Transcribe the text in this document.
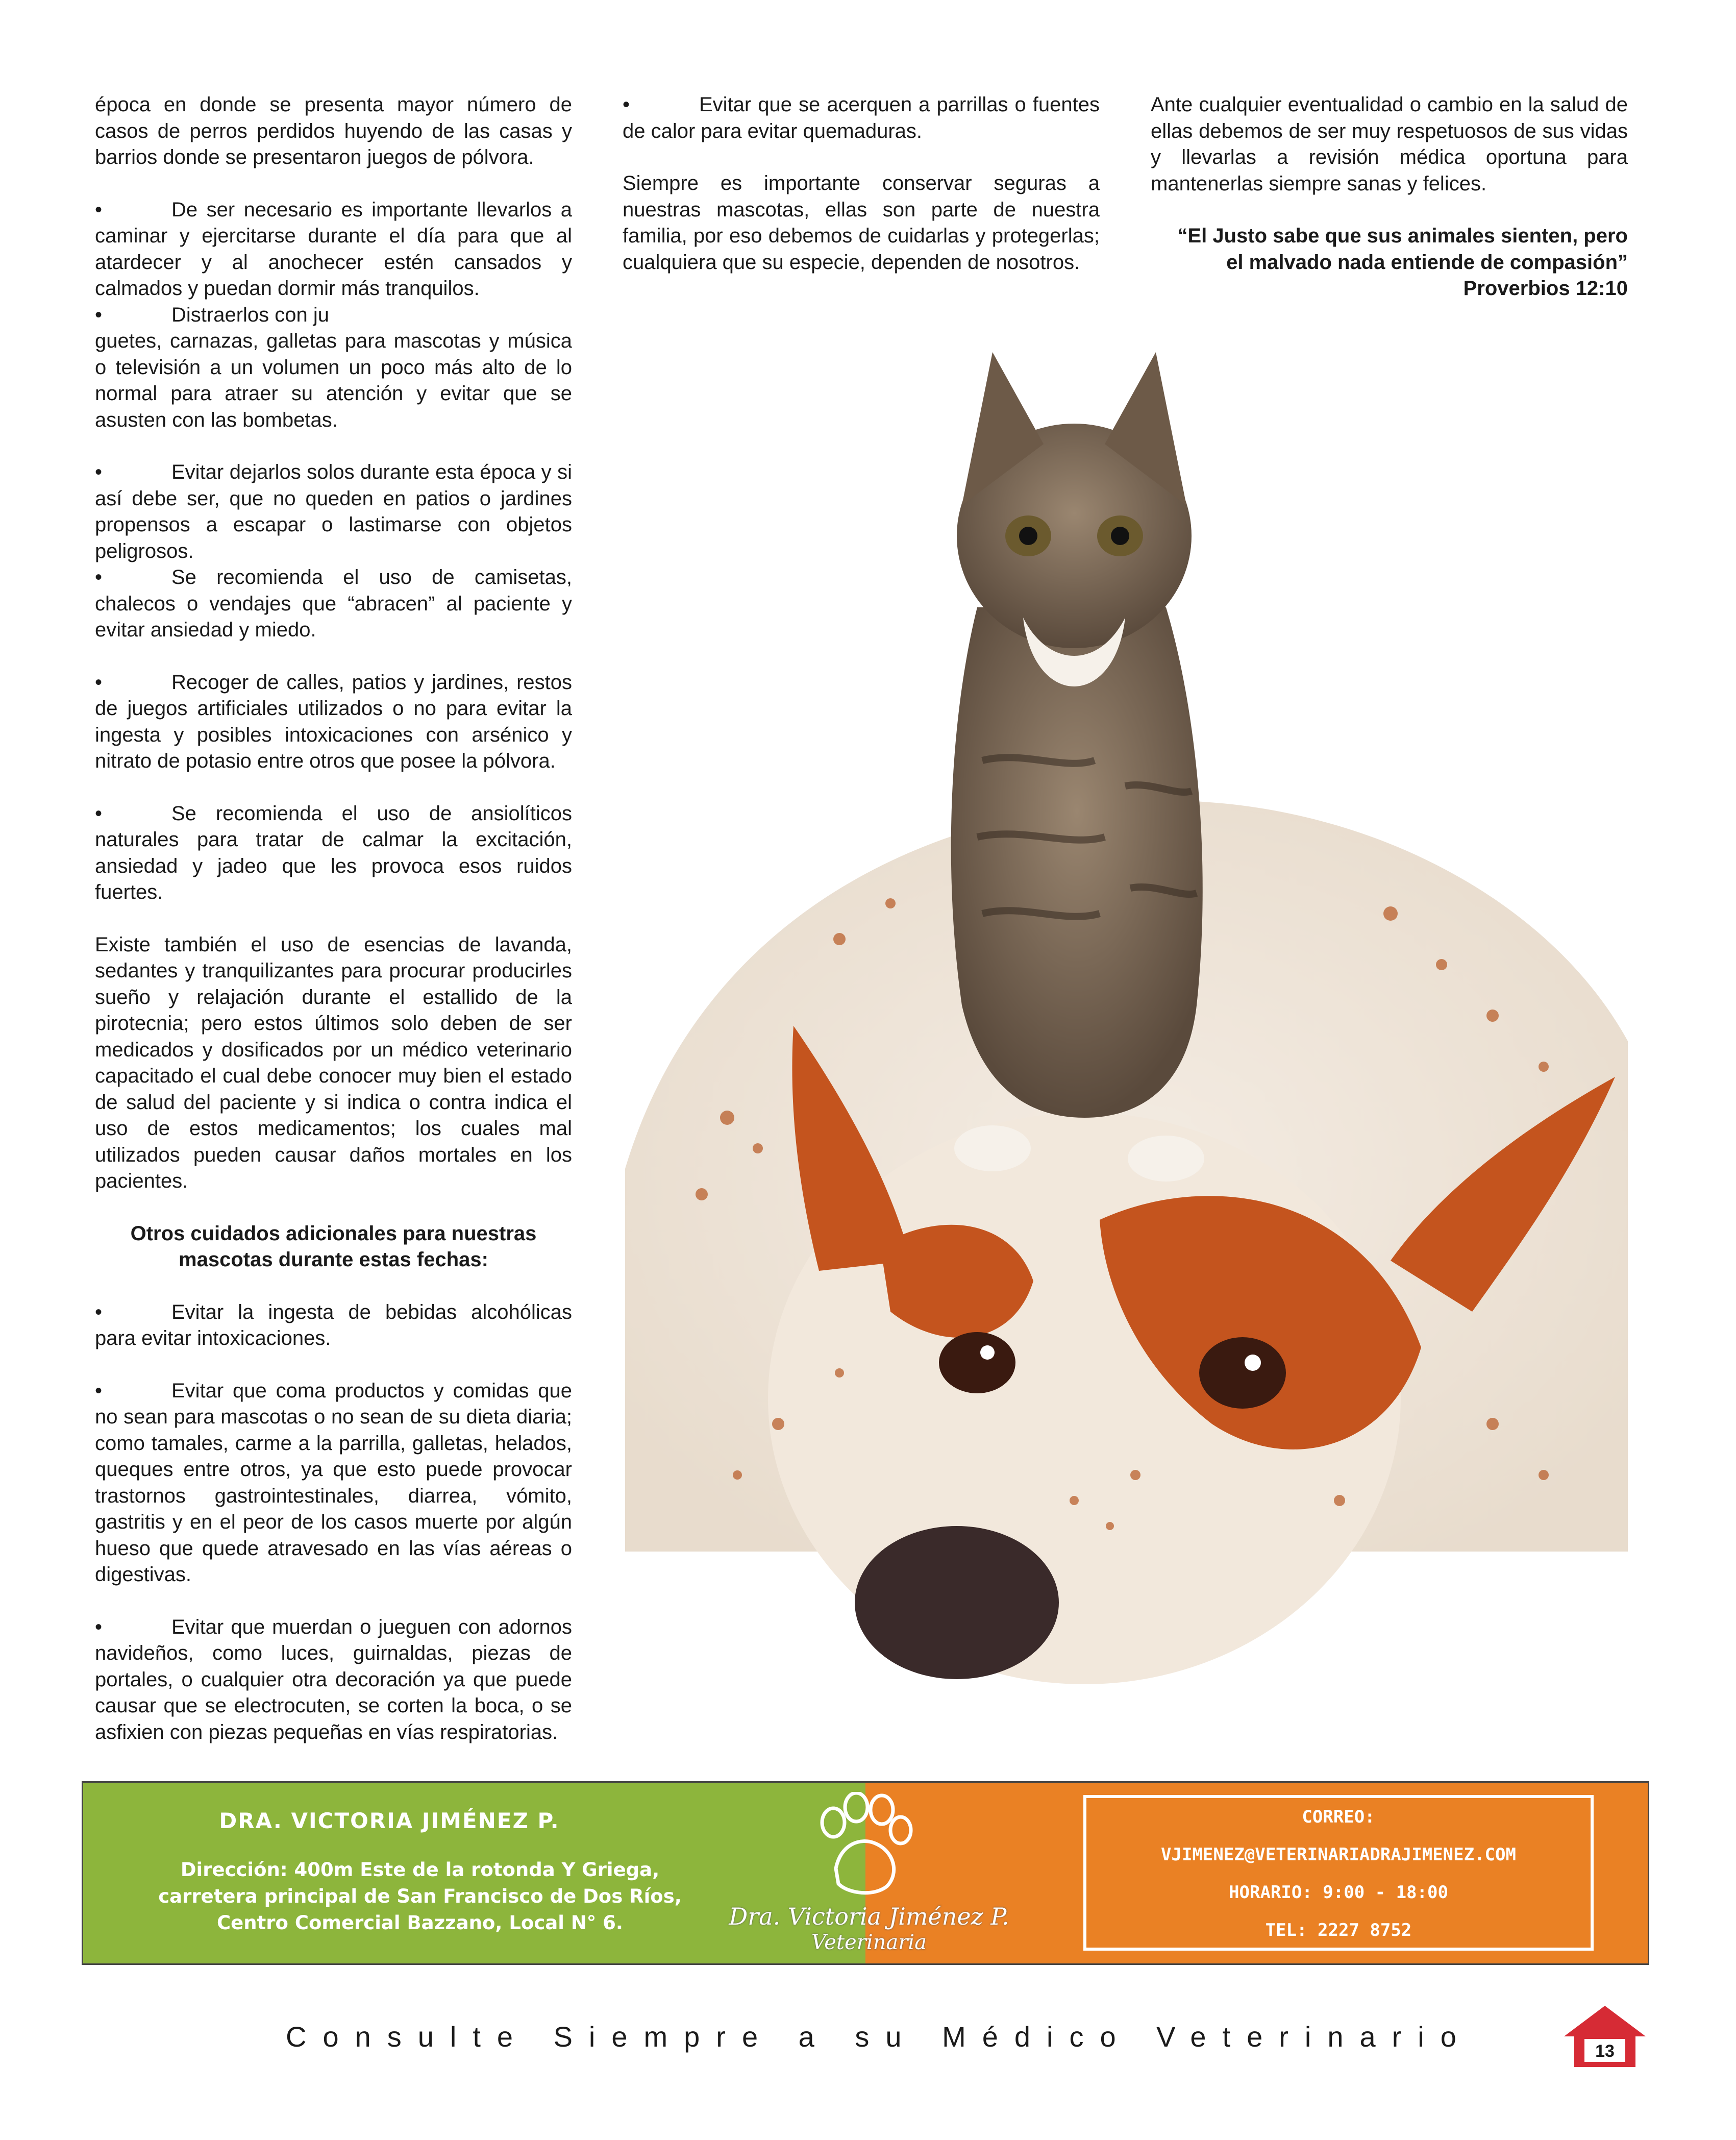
época en donde se presenta mayor número de casos de perros perdidos huyendo de las casas y barrios donde se presentaron juegos de pólvora.

•	De ser necesario es importante llevarlos a caminar y ejercitarse durante el día para que al atardecer y al anochecer estén cansados y calmados y puedan dormir más tranquilos.

•	Distraerlos con ju

guetes, carnazas, galletas para mascotas y música o televisión a un volumen un poco más alto de lo normal para atraer su atención y evitar que se asusten con las bombetas.

•	Evitar dejarlos solos durante esta época y si así debe ser, que no queden en patios o jardines propensos a escapar o lastimarse con objetos peligrosos.

•	Se recomienda el uso de camisetas, chalecos o vendajes que “abracen” al paciente y evitar ansiedad y miedo.

•	Recoger de calles, patios y jardines, restos de juegos artificiales utilizados o no para evitar la ingesta y posibles intoxicaciones con arsénico y nitrato de potasio entre otros que posee la pólvora.

•	Se recomienda el uso de ansiolíticos naturales para tratar de calmar la excitación, ansiedad y jadeo que les provoca esos ruidos fuertes.

Existe también el uso de esencias de lavanda, sedantes y tranquilizantes para procurar producirles sueño y relajación durante el estallido de la pirotecnia; pero estos últimos solo deben de ser medicados y dosificados por un médico veterinario capacitado el cual debe conocer muy bien el estado de salud del paciente y si indica o contra indica el uso de estos medicamentos; los cuales mal utilizados pueden causar daños mortales en los pacientes.

Otros cuidados adicionales para nuestras mascotas durante estas fechas:

•	Evitar la ingesta de bebidas alcohólicas para evitar intoxicaciones.

•	Evitar que coma productos y comidas que no sean para mascotas o no sean de su dieta diaria; como tamales, carme a la parrilla, galletas, helados, queques entre otros, ya que esto puede provocar trastornos gastrointestinales, diarrea, vómito, gastritis y en el peor de los casos muerte por algún hueso que quede atravesado en las vías aéreas o digestivas.

•	Evitar que muerdan o jueguen con adornos navideños, como luces, guirnaldas, piezas de portales, o cualquier otra decoración ya que puede causar que se electrocuten, se corten la boca, o se asfixien con piezas pequeñas en vías respiratorias.

•	Evitar que se acerquen a parrillas o fuentes de calor para evitar quemaduras.

Siempre es importante conservar seguras a nuestras mascotas, ellas son parte de nuestra familia, por eso debemos de cuidarlas y protegerlas; cualquiera que su especie, dependen de nosotros.

Ante cualquier eventualidad o cambio en la salud de ellas debemos de ser muy respetuosos de sus vidas y llevarlas a revisión médica oportuna para mantenerlas siempre sanas y felices.

“El Justo sabe que sus animales sienten, pero
el malvado nada entiende de compasión”
Proverbios 12:10
DRA. VICTORIA JIMÉNEZ P.
Dirección: 400m Este de la rotonda Y Griega,
carretera principal de San Francisco de Dos Ríos,
Centro Comercial Bazzano, Local N° 6.	Dra. Victoria Jiménez P.
Veterinaria
CORREO:
VJIMENEZ@VETERINARIADRAJIMENEZ.COM
HORARIO: 9:00 - 18:00
TEL: 2227 8752
Consulte Siempre a su Médico Veterinario	13
